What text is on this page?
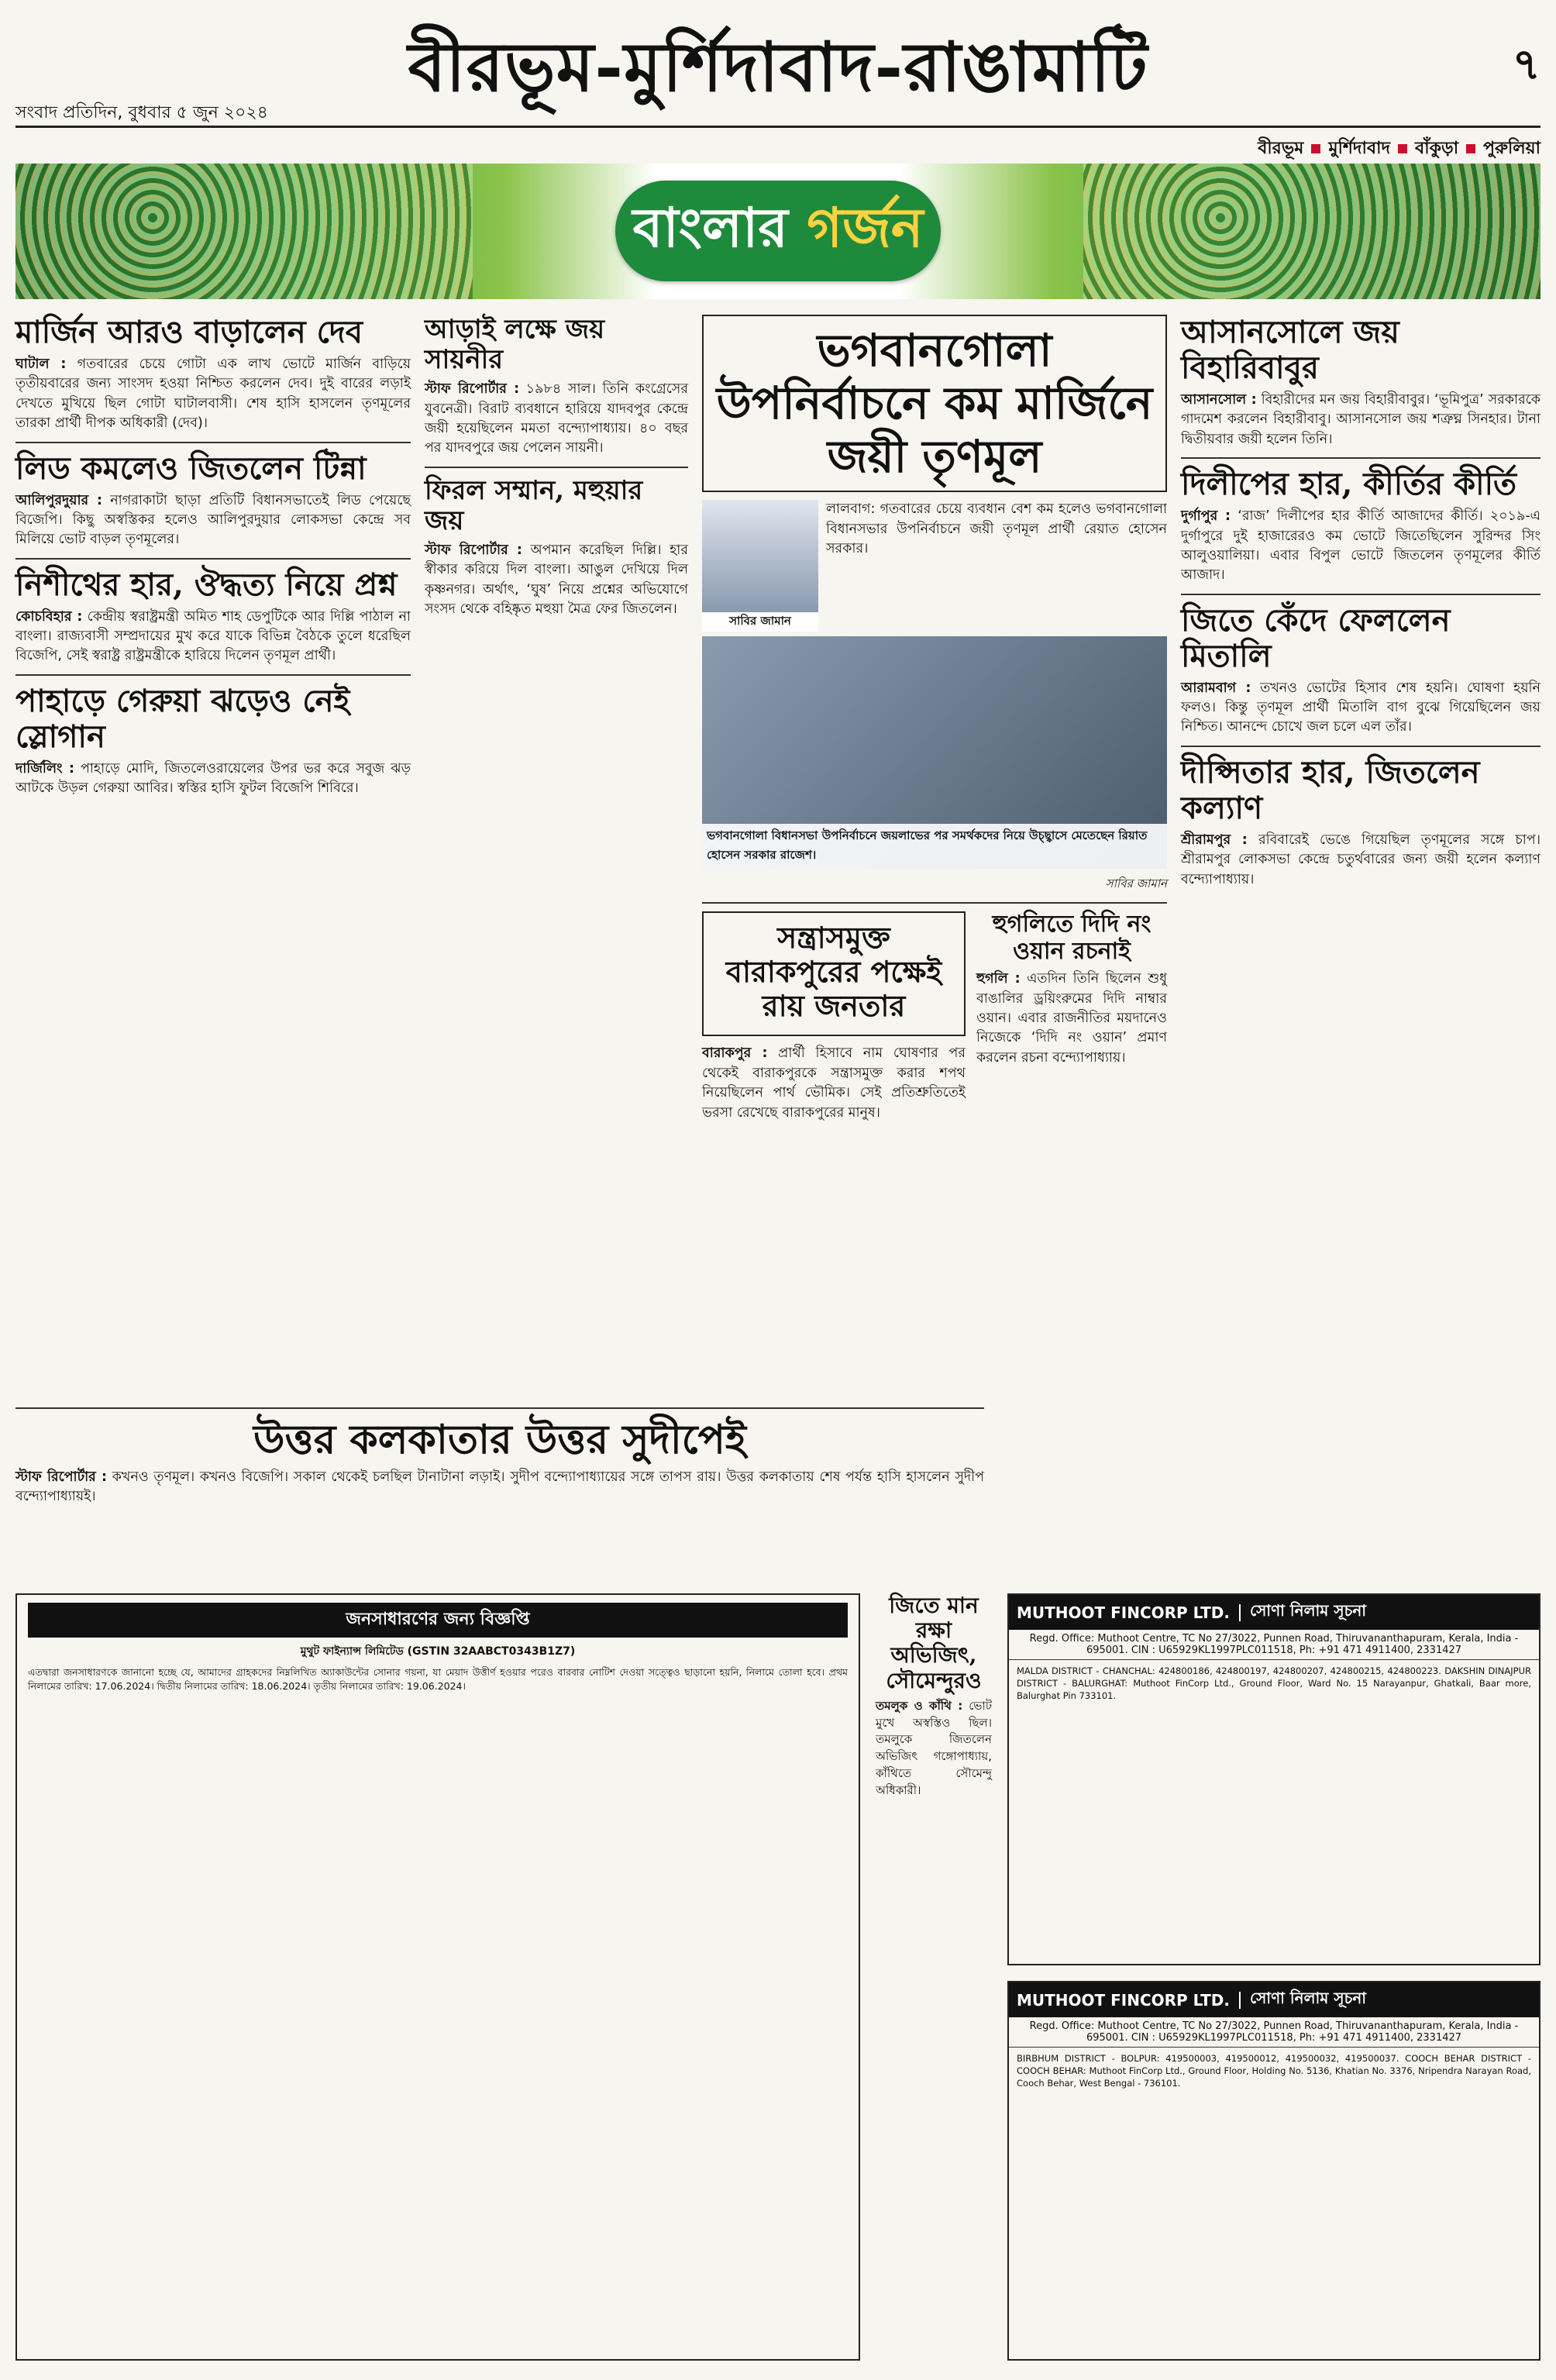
বীরভূম-মুর্শিদাবাদ-রাঙামাটি
সংবাদ প্রতিদিন, বুধবার ৫ জুন ২০২৪
৭
বীরভূম মুর্শিদাবাদ বাঁকুড়া পুরুলিয়া
বাংলার গর্জন
মার্জিন আরও বাড়ালেন দেব

ঘাটাল : গতবারের চেয়ে গোটা এক লাখ ভোটে মার্জিন বাড়িয়ে তৃতীয়বারের জন্য সাংসদ হওয়া নিশ্চিত করলেন দেব। দুই বারের লড়াই দেখতে মুখিয়ে ছিল গোটা ঘাটালবাসী। শেষ হাসি হাসলেন তৃণমূলের তারকা প্রার্থী দীপক অধিকারী (দেব)।

লিড কমলেও জিতলেন টিন্না

আলিপুরদুয়ার : নাগরাকাটা ছাড়া প্রতিটি বিধানসভাতেই লিড পেয়েছে বিজেপি। কিছু অস্বস্তিকর হলেও আলিপুরদুয়ার লোকসভা কেন্দ্রে সব মিলিয়ে ভোট বাড়ল তৃণমূলের।

নিশীথের হার, ঔদ্ধত্য নিয়ে প্রশ্ন

কোচবিহার : কেন্দ্রীয় স্বরাষ্ট্রমন্ত্রী অমিত শাহ ডেপুটিকে আর দিল্লি পাঠাল না বাংলা। রাজ্যবাসী সম্প্রদায়ের মুখ করে যাকে বিভিন্ন বৈঠকে তুলে ধরেছিল বিজেপি, সেই স্বরাষ্ট্র রাষ্ট্রমন্ত্রীকে হারিয়ে দিলেন তৃণমূল প্রার্থী।

পাহাড়ে গেরুয়া ঝড়েও নেই স্লোগান

দার্জিলিং : পাহাড়ে মোদি, জিতলেওরায়েলের উপর ভর করে সবুজ ঝড় আটকে উড়ল গেরুয়া আবির। স্বস্তির হাসি ফুটল বিজেপি শিবিরে।

আড়াই লক্ষে জয় সায়নীর

স্টাফ রিপোর্টার : ১৯৮৪ সাল। তিনি কংগ্রেসের যুবনেত্রী। বিরাট ব্যবধানে হারিয়ে যাদবপুর কেন্দ্রে জয়ী হয়েছিলেন মমতা বন্দ্যোপাধ্যায়। ৪০ বছর পর যাদবপুরে জয় পেলেন সায়নী।

ফিরল সম্মান, মহুয়ার জয়

স্টাফ রিপোর্টার : অপমান করেছিল দিল্লি। হার স্বীকার করিয়ে দিল বাংলা। আঙুল দেখিয়ে দিল কৃষ্ণনগর। অর্থাৎ, ‘ঘুষ’ নিয়ে প্রশ্নের অভিযোগে সংসদ থেকে বহিষ্কৃত মহুয়া মৈত্র ফের জিতলেন।

ভগবানগোলা উপনির্বাচনে কম মার্জিনে জয়ী তৃণমূল
সাবির জামান

লালবাগ: গতবারের চেয়ে ব্যবধান বেশ কম হলেও ভগবানগোলা বিধানসভার উপনির্বাচনে জয়ী তৃণমূল প্রার্থী রেয়াত হোসেন সরকার।

ভগবানগোলা বিধানসভা উপনির্বাচনে জয়লাভের পর সমর্থকদের নিয়ে উচ্ছ্বাসে মেতেছেন রিয়াত হোসেন সরকার রাজেশ।
সাবির জামান
সন্ত্রাসমুক্ত বারাকপুরের পক্ষেই রায় জনতার

বারাকপুর : প্রার্থী হিসাবে নাম ঘোষণার পর থেকেই বারাকপুরকে সন্ত্রাসমুক্ত করার শপথ নিয়েছিলেন পার্থ ভৌমিক। সেই প্রতিশ্রুতিতেই ভরসা রেখেছে বারাকপুরের মানুষ।

হুগলিতে দিদি নং ওয়ান রচনাই

হুগলি : এতদিন তিনি ছিলেন শুধু বাঙালির ড্রয়িংরুমের দিদি নাম্বার ওয়ান। এবার রাজনীতির ময়দানেও নিজেকে ‘দিদি নং ওয়ান’ প্রমাণ করলেন রচনা বন্দ্যোপাধ্যায়।

আসানসোলে জয় বিহারিবাবুর

আসানসোল : বিহারীদের মন জয় বিহারীবাবুর। ‘ভূমিপুত্র’ সরকারকে গাদমেশ করলেন বিহারীবাবু। আসানসোল জয় শত্রুঘ্ন সিনহার। টানা দ্বিতীয়বার জয়ী হলেন তিনি।

দিলীপের হার, কীর্তির কীর্তি

দুর্গাপুর : ‘রাজ’ দিলীপের হার কীর্তি আজাদের কীর্তি। ২০১৯-এ দুর্গাপুরে দুই হাজারেরও কম ভোটে জিতেছিলেন সুরিন্দর সিং আলুওয়ালিয়া। এবার বিপুল ভোটে জিতলেন তৃণমূলের কীর্তি আজাদ।

জিতে কেঁদে ফেললেন মিতালি

আরামবাগ : তখনও ভোটের হিসাব শেষ হয়নি। ঘোষণা হয়নি ফলও। কিন্তু তৃণমূল প্রার্থী মিতালি বাগ বুঝে গিয়েছিলেন জয় নিশ্চিত। আনন্দে চোখে জল চলে এল তাঁর।

দীপ্সিতার হার, জিতলেন কল্যাণ

শ্রীরামপুর : রবিবারেই ভেঙে গিয়েছিল তৃণমূলের সঙ্গে চাপ। শ্রীরামপুর লোকসভা কেন্দ্রে চতুর্থবারের জন্য জয়ী হলেন কল্যাণ বন্দ্যোপাধ্যায়।

উত্তর কলকাতার উত্তর সুদীপেই

স্টাফ রিপোর্টার : কখনও তৃণমূল। কখনও বিজেপি। সকাল থেকেই চলছিল টানাটানা লড়াই। সুদীপ বন্দ্যোপাধ্যায়ের সঙ্গে তাপস রায়। উত্তর কলকাতায় শেষ পর্যন্ত হাসি হাসলেন সুদীপ বন্দ্যোপাধ্যায়ই।

জিতে মান রক্ষা অভিজিৎ, সৌমেন্দুরও

তমলুক ও কাঁথি : ভোট মুখে অস্বস্তিও ছিল। তমলুকে জিতলেন অভিজিৎ গঙ্গোপাধ্যায়, কাঁথিতে সৌমেন্দু অধিকারী।

জনসাধারণের জন্য বিজ্ঞপ্তি
মুথুট ফাইন্যান্স লিমিটেড (GSTIN 32AABCT0343B1Z7)
এতদ্বারা জনসাধারণকে জানানো হচ্ছে যে, আমাদের গ্রাহকদের নিম্নলিখিত অ্যাকাউন্টের সোনার গয়না, যা মেয়াদ উত্তীর্ণ হওয়ার পরেও বারবার নোটিশ দেওয়া সত্ত্বেও ছাড়ানো হয়নি, নিলামে তোলা হবে। প্রথম নিলামের তারিখ: 17.06.2024। দ্বিতীয় নিলামের তারিখ: 18.06.2024। তৃতীয় নিলামের তারিখ: 19.06.2024।
MUTHOOT FINCORP LTD. সোণা নিলাম সূচনা
Regd. Office: Muthoot Centre, TC No 27/3022, Punnen Road, Thiruvananthapuram, Kerala, India - 695001. CIN : U65929KL1997PLC011518, Ph: +91 471 4911400, 2331427
MALDA DISTRICT - CHANCHAL: 424800186, 424800197, 424800207, 424800215, 424800223. DAKSHIN DINAJPUR DISTRICT - BALURGHAT: Muthoot FinCorp Ltd., Ground Floor, Ward No. 15 Narayanpur, Ghatkali, Baar more, Balurghat Pin 733101.
MUTHOOT FINCORP LTD. সোণা নিলাম সূচনা
Regd. Office: Muthoot Centre, TC No 27/3022, Punnen Road, Thiruvananthapuram, Kerala, India - 695001. CIN : U65929KL1997PLC011518, Ph: +91 471 4911400, 2331427
BIRBHUM DISTRICT - BOLPUR: 419500003, 419500012, 419500032, 419500037. COOCH BEHAR DISTRICT - COOCH BEHAR: Muthoot FinCorp Ltd., Ground Floor, Holding No. 5136, Khatian No. 3376, Nripendra Narayan Road, Cooch Behar, West Bengal - 736101.
